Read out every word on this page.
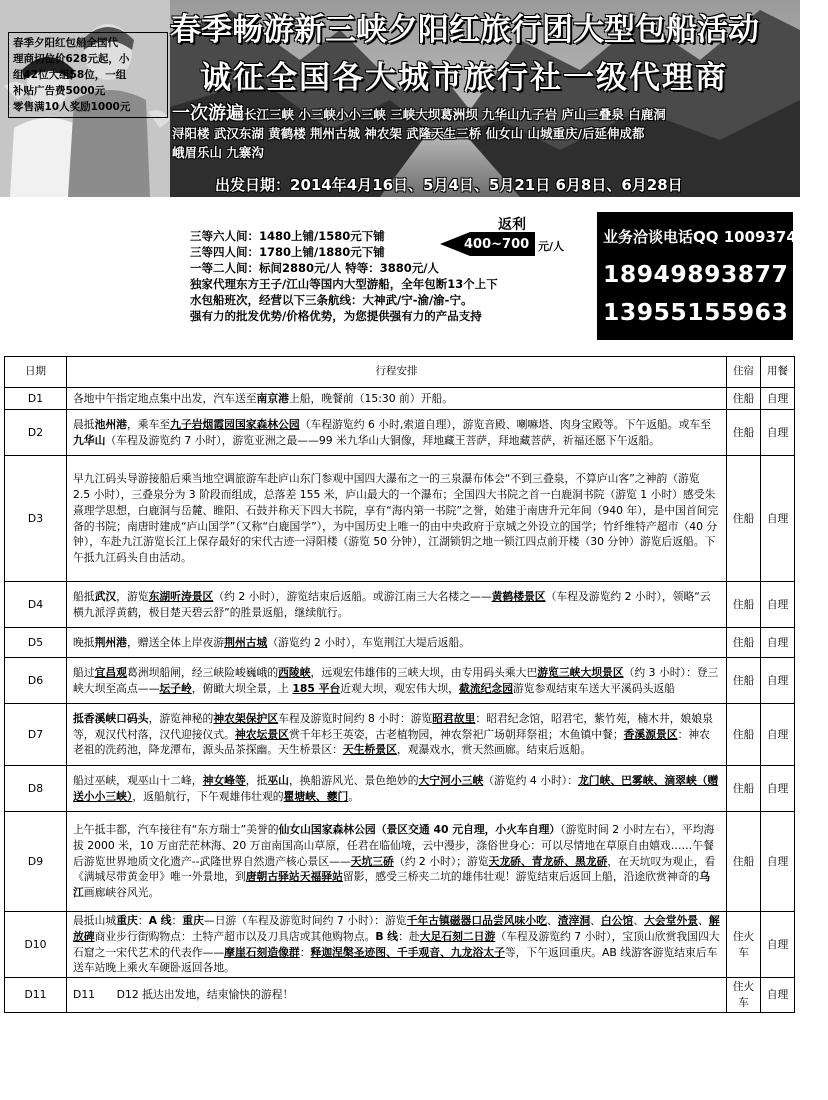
春季畅游新三峡夕阳红旅行团大型包船活动
诚征全国各大城市旅行社一级代理商
一次游遍长江三峡 小三峡小小三峡 三峡大坝葛洲坝 九华山九子岩 庐山三叠泉 白鹿洞
浔阳楼 武汉东湖 黄鹤楼 荆州古城 神农架 武隆天生三桥 仙女山 山城重庆/后延伸成都
峨眉乐山 九寨沟
出发日期：2014年4月16日、5月4日、5月21日 6月8日、6月28日
春季夕阳红包船全国代
理商切位价628元起，小
组42位大组58位，一组
补贴广告费5000元
零售满10人奖励1000元
三等六人间：1480上铺/1580元下铺
三等四人间：1780上铺/1880元下铺
一等二人间：标间2880元/人 特等：3880元/人
独家代理东方王子/江山等国内大型游船，全年包断13个上下
水包船班次，经营以下三条航线：大神武/宁-渝/渝-宁。
强有力的批发优势/价格优势，为您提供强有力的产品支持
返利
400~700 元/人
业务洽谈电话QQ 1009374600
18949893877
13955155963
日期	行程安排	住宿	用餐
D1	各地中午指定地点集中出发，汽车送至南京港上船，晚餐前（15:30 前）开船。	住船	自理
D2	晨抵池州港，乘车至九子岩烟霞园国家森林公园（车程游览约 6 小时,索道自理），游览音殿、喇嘛塔、肉身宝殿等。下午返船。或车至九华山（车程及游览约 7 小时），游览亚洲之最——99 米九华山大铜像，拜地藏王菩萨，拜地藏菩萨，祈福还愿下午返船。	住船	自理
D3	早九江码头导游接船后乘当地空调旅游车赴庐山东门参观中国四大瀑布之一的三泉瀑布体会“不到三叠泉，不算庐山客”之神韵（游览 2.5 小时），三叠泉分为 3 阶段而组成，总落差 155 米，庐山最大的一个瀑布；全国四大书院之首一白鹿洞书院（游览 1 小时）感受朱熹理学思想，白鹿洞与岳麓、睢阳、石鼓并称天下四大书院，享有“海内第一书院”之誉，始建于南唐升元年间（940 年），是中国首间完备的书院；南唐时建成“庐山国学”（又称“白鹿国学”），为中国历史上唯一的由中央政府于京城之外设立的国学；竹纤维特产超市（40 分钟），车赴九江游览长江上保存最好的宋代古迹一浔阳楼（游览 50 分钟），江湖锁钥之地一锁江四点前开楼（30 分钟）游览后返船。下午抵九江码头自由活动。	住船	自理
D4	船抵武汉，游览东湖听涛景区（约 2 小时），游览结束后返船。或游江南三大名楼之——黄鹤楼景区（车程及游览约 2 小时），领略“云横九派浮黄鹤，极目楚天碧云舒”的胜景返船，继续航行。	住船	自理
D5	晚抵荆州港，赠送全体上岸夜游荆州古城（游览约 2 小时），车览荆江大堤后返船。	住船	自理
D6	船过宜昌观葛洲坝船闸，经三峡险峻巍峨的西陵峡，远观宏伟雄伟的三峡大坝，由专用码头乘大巴游览三峡大坝景区（约 3 小时）：登三峡大坝至高点——坛子岭，俯瞰大坝全景，上 185 平台近观大坝，观宏伟大坝，截流纪念园游览参观结束车送大平溪码头返船	住船	自理
D7	抵香溪峡口码头，游览神秘的神农架保护区车程及游览时间约 8 小时：游览昭君故里：昭君纪念馆，昭君宅，紫竹苑，楠木井，娘娘泉等，观汉代村落，汉代迎接仪式。神农坛景区赏千年杉王英姿，古老植物园，神农祭祀广场朝拜祭祖；木鱼镇中餐；香溪源景区：神农老祖的洗药池，降龙潭布，源头品茶探幽。天生桥景区：天生桥景区，观瀑戏水，赏天然画廊。结束后返船。	住船	自理
D8	船过巫峡，观巫山十二峰，神女峰等，抵巫山，换船游风光、景色绝妙的大宁河小三峡（游览约 4 小时）：龙门峡、巴雾峡、滴翠峡（赠送小小三峡），返船航行，下午观雄伟壮观的瞿塘峡、夔门。	住船	自理
D9	上午抵丰都，汽车接往有“东方瑞士”美誉的仙女山国家森林公园（景区交通 40 元自理，小火车自理）（游览时间 2 小时左右），平均海拔 2000 米，10 万亩茫茫林海、20 万亩南国高山草原，任君在临仙境，云中漫步，涤俗世身心：可以尽情地在草原自由嬉戏……午餐后游览世界地质文化遗产--武隆世界自然遗产核心景区——天坑三硚（约 2 小时）；游览天龙硚、青龙硚、黑龙硚，在天坑叹为观止，看《满城尽带黄金甲》唯一外景地，到唐朝古驿站天福驿站留影，感受三桥夹二坑的雄伟壮观！游览结束后返回上船，沿途欣赏神奇的乌江画廊峡谷风光。	住船	自理
D10	晨抵山城重庆：A 线：重庆—日游（车程及游览时间约 7 小时）：游览千年古镇磁器口品尝风味小吃、渣滓洞、白公馆、大会堂外景、解放碑商业步行街购物点：土特产超市以及刀具店或其他购物点。B 线：赴大足石刻二日游（车程及游览约 7 小时），宝顶山欣赏我国四大石窟之一宋代艺术的代表作——摩崖石刻造像群：释迦涅槃圣迹图、千手观音、九龙浴太子等，下午返回重庆。AB 线游客游览结束后车送车站晚上乘火车硬卧返回各地。	住火车	自理
D11	D11　　D12 抵达出发地，结束愉快的游程！	住火车	自理
